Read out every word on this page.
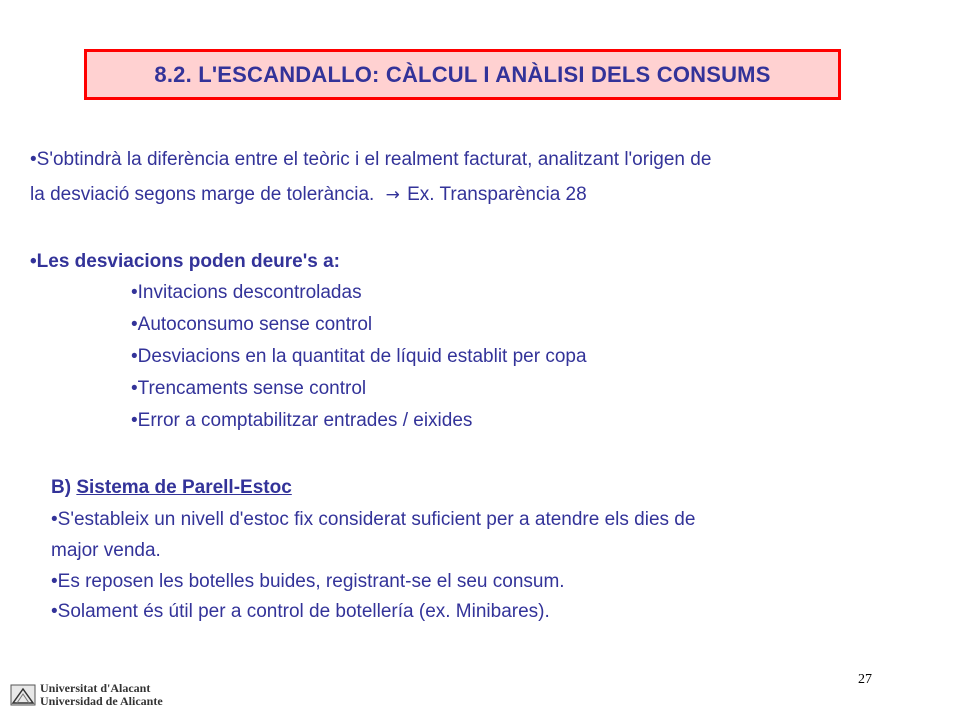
8.2. L'ESCANDALLO: CÀLCUL I ANÀLISI DELS CONSUMS
• S'obtindrà la diferència entre el teòric i el realment facturat, analitzant l'origen de
la desviació segons marge de tolerància. → Ex. Transparència 28
• Les desviacions poden deure's a:
• Invitacions descontroladas
• Autoconsumo sense control
• Desviacions en la quantitat de líquid establit per copa
• Trencaments sense control
• Error a comptabilitzar entrades / eixides
B) Sistema de Parell-Estoc
• S'estableix un nivell d'estoc fix considerat suficient per a atendre els dies de
major venda.
• Es reposen les botelles buides, registrant-se el seu consum.
• Solament és útil per a control de botellería (ex. Minibares).
27
Universitat d'Alacant
Universidad de Alicante
